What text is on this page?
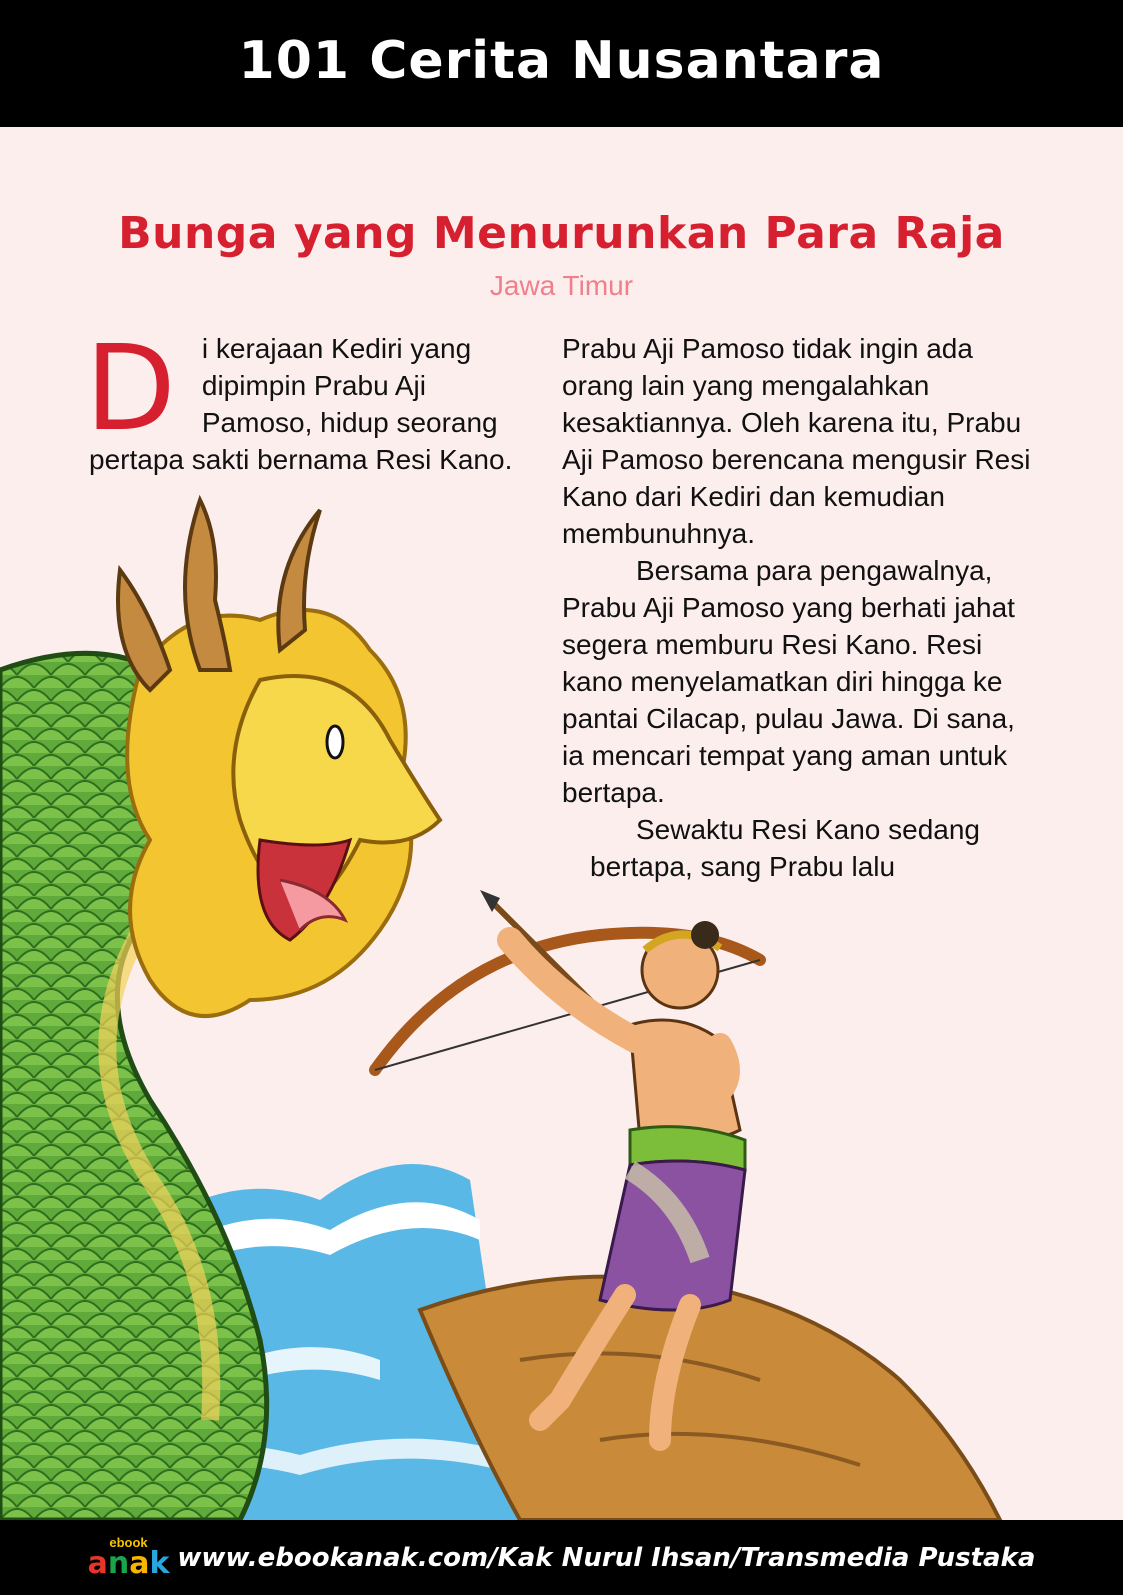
101 Cerita Nusantara
Bunga yang Menurunkan Para Raja
Jawa Timur
D i kerajaan Kediri yang dipimpin Prabu Aji Pamoso, hidup seorang pertapa sakti bernama Resi Kano.

Prabu Aji Pamoso tidak ingin ada orang lain yang mengalahkan kesaktiannya. Oleh karena itu, Prabu Aji Pamoso berencana mengusir Resi Kano dari Kediri dan kemudian membunuhnya.

Bersama para pengawalnya, Prabu Aji Pamoso yang berhati jahat segera memburu Resi Kano. Resi kano menyelamatkan diri hingga ke pantai Cilacap, pulau Jawa. Di sana, ia mencari tempat yang aman untuk bertapa.

Sewaktu Resi Kano sedang

bertapa, sang Prabu lalu

ebook
anak www.ebookanak.com/Kak Nurul Ihsan/Transmedia Pustaka
